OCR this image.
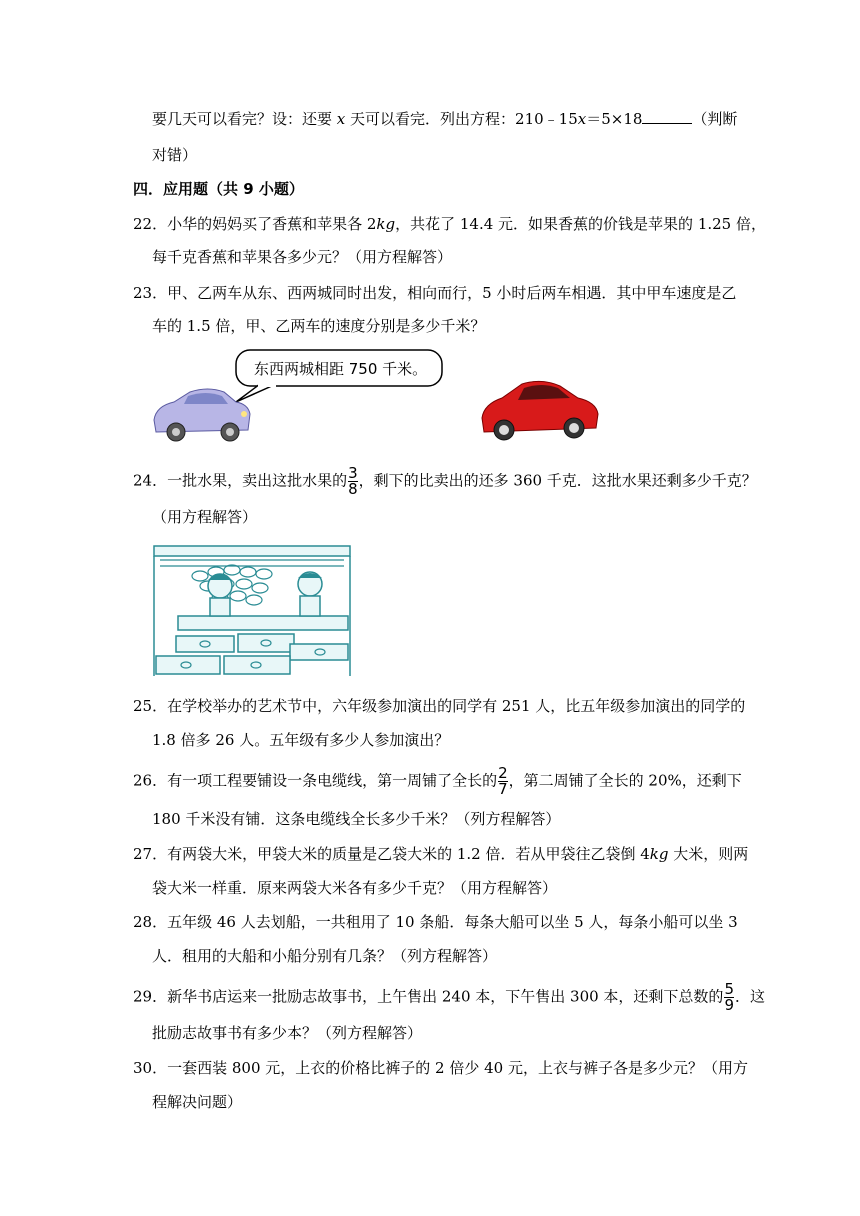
要几天可以看完？设：还要 x 天可以看完．列出方程：210﹣15x＝5×18	（判断
对错）
四．应用题（共 9 小题）
22．小华的妈妈买了香蕉和苹果各 2kg，共花了 14.4 元．如果香蕉的价钱是苹果的 1.25 倍，
每千克香蕉和苹果各多少元？（用方程解答）
23．甲、乙两车从东、西两城同时出发，相向而行，5 小时后两车相遇．其中甲车速度是乙
车的 1.5 倍，甲、乙两车的速度分别是多少千米？
东西两城相距 750 千米。
24．一批水果，卖出这批水果的 $\frac{3}{8}$ ，剩下的比卖出的还多 360 千克．这批水果还剩多少千克？
（用方程解答）
25．在学校举办的艺术节中，六年级参加演出的同学有 251 人，比五年级参加演出的同学的
1.8 倍多 26 人。五年级有多少人参加演出？
26．有一项工程要铺设一条电缆线，第一周铺了全长的 $\frac{2}{7}$ ，第二周铺了全长的 20%，还剩下
180 千米没有铺．这条电缆线全长多少千米？（列方程解答）
27．有两袋大米，甲袋大米的质量是乙袋大米的 1.2 倍．若从甲袋往乙袋倒 4kg 大米，则两
袋大米一样重．原来两袋大米各有多少千克？（用方程解答）
28．五年级 46 人去划船，一共租用了 10 条船．每条大船可以坐 5 人，每条小船可以坐 3
人．租用的大船和小船分别有几条？（列方程解答）
29．新华书店运来一批励志故事书，上午售出 240 本，下午售出 300 本，还剩下总数的 $\frac{5}{9}$ ．这
批励志故事书有多少本？（列方程解答）
30．一套西装 800 元，上衣的价格比裤子的 2 倍少 40 元，上衣与裤子各是多少元？（用方
程解决问题）
